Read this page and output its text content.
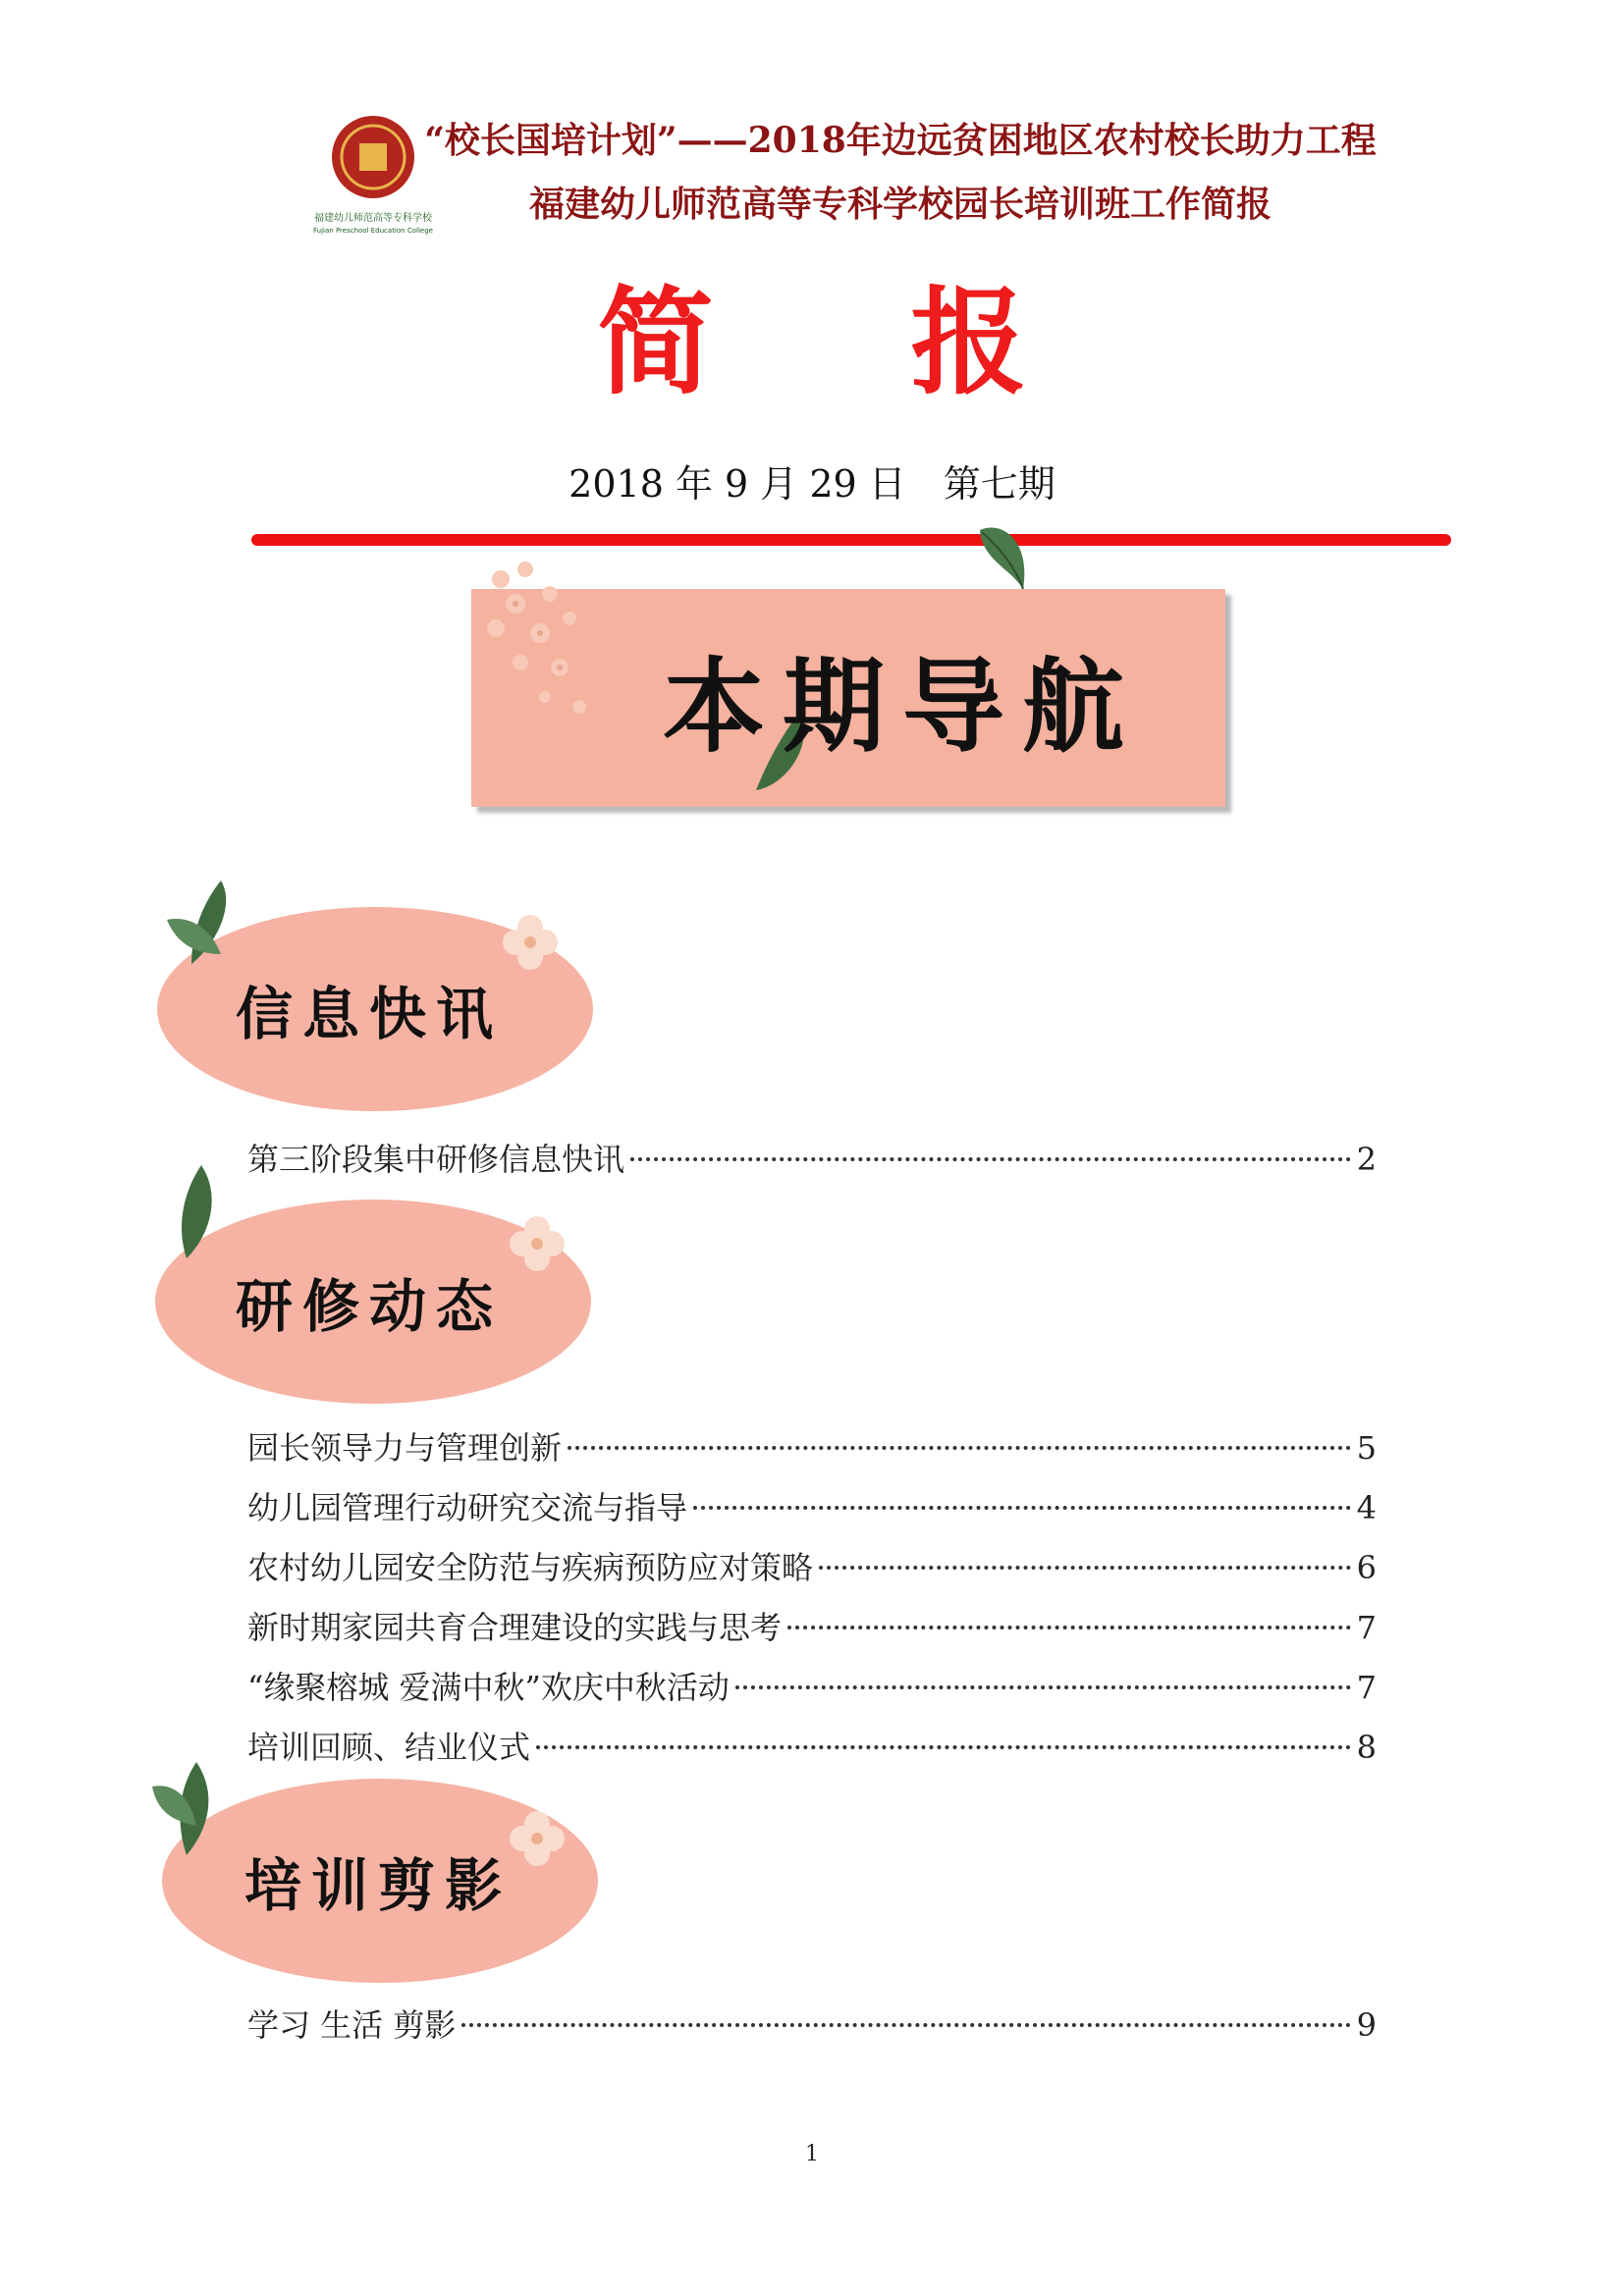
福建幼儿师范高等专科学校
Fujian Preschool Education College
“校长国培计划”——2018年边远贫困地区农村校长助力工程
福建幼儿师范高等专科学校园长培训班工作简报
简 报
2018 年 9 月 29 日　第七期
本期导航
信息快讯
第三阶段集中研修信息快讯	2
研修动态
园长领导力与管理创新	5
幼儿园管理行动研究交流与指导	4
农村幼儿园安全防范与疾病预防应对策略	6
新时期家园共育合理建设的实践与思考	7
“缘聚榕城 爱满中秋”欢庆中秋活动	7
培训回顾、结业仪式	8
培训剪影
学习 生活 剪影	9
1
